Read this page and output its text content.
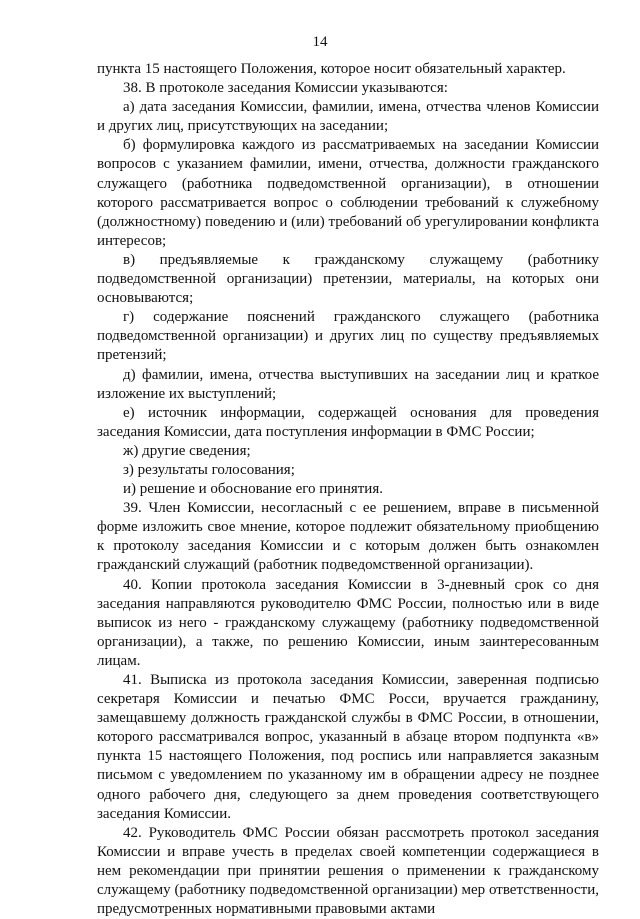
14

пункта 15 настоящего Положения, которое носит обязательный характер.

38. В протоколе заседания Комиссии указываются:

а) дата заседания Комиссии, фамилии, имена, отчества членов Комиссии и других лиц, присутствующих на заседании;

б) формулировка каждого из рассматриваемых на заседании Комиссии вопросов с указанием фамилии, имени, отчества, должности гражданского служащего (работника подведомственной организации), в отношении которого рассматривается вопрос о соблюдении требований к служебному (должностному) поведению и (или) требований об урегулировании конфликта интересов;

в) предъявляемые к гражданскому служащему (работнику подведомственной организации) претензии, материалы, на которых они основываются;

г) содержание пояснений гражданского служащего (работника подведомственной организации) и других лиц по существу предъявляемых претензий;

д) фамилии, имена, отчества выступивших на заседании лиц и краткое изложение их выступлений;

е) источник информации, содержащей основания для проведения заседания Комиссии, дата поступления информации в ФМС России;

ж) другие сведения;

з) результаты голосования;

и) решение и обоснование его принятия.

39. Член Комиссии, несогласный с ее решением, вправе в письменной форме изложить свое мнение, которое подлежит обязательному приобщению к протоколу заседания Комиссии и с которым должен быть ознакомлен гражданский служащий (работник подведомственной организации).

40. Копии протокола заседания Комиссии в 3-дневный срок со дня заседания направляются руководителю ФМС России, полностью или в виде выписок из него - гражданскому служащему (работнику подведомственной организации), а также, по решению Комиссии, иным заинтересованным лицам.

41. Выписка из протокола заседания Комиссии, заверенная подписью секретаря Комиссии и печатью ФМС Росси, вручается гражданину, замещавшему должность гражданской службы в ФМС России, в отношении, которого рассматривался вопрос, указанный в абзаце втором подпункта «в» пункта 15 настоящего Положения, под роспись или направляется заказным письмом с уведомлением по указанному им в обращении адресу не позднее одного рабочего дня, следующего за днем проведения соответствующего заседания Комиссии.

42. Руководитель ФМС России обязан рассмотреть протокол заседания Комиссии и вправе учесть в пределах своей компетенции содержащиеся в нем рекомендации при принятии решения о применении к гражданскому служащему (работнику подведомственной организации) мер ответственности, предусмотренных нормативными правовыми актами
